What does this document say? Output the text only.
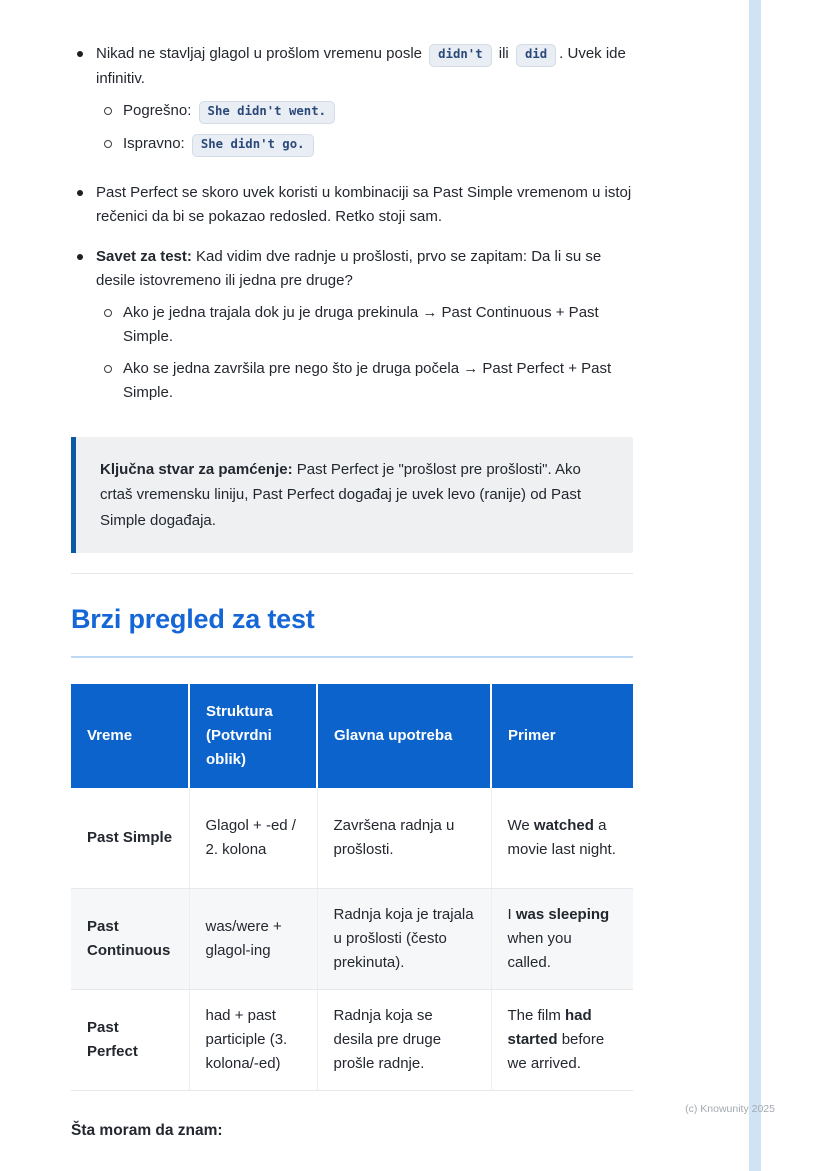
Nikad ne stavljaj glagol u prošlom vremenu posle didn't ili did . Uvek ide infinitiv.

Pogrešno: She didn't went.

Ispravno: She didn't go.

Past Perfect se skoro uvek koristi u kombinaciji sa Past Simple vremenom u istoj rečenici da bi se pokazao redosled. Retko stoji sam.

Savet za test: Kad vidim dve radnje u prošlosti, prvo se zapitam: Da li su se desile istovremeno ili jedna pre druge?

Ako je jedna trajala dok ju je druga prekinula → Past Continuous + Past Simple.

Ako se jedna završila pre nego što je druga počela → Past Perfect + Past Simple.

Ključna stvar za pamćenje: Past Perfect je "prošlost pre prošlosti". Ako crtaš vremensku liniju, Past Perfect događaj je uvek levo (ranije) od Past Simple događaja.

Brzi pregled za test
Vreme	Struktura (Potvrdni oblik)	Glavna upotreba	Primer
Past Simple	Glagol + -ed / 2. kolona	Završena radnja u prošlosti.	We watched a movie last night.
Past Continuous	was/were + glagol-ing	Radnja koja je trajala u prošlosti (često prekinuta).	I was sleeping when you called.
Past Perfect	had + past participle (3. kolona/-ed)	Radnja koja se desila pre druge prošle radnje.	The film had started before we arrived.

Šta moram da znam:

(c) Knowunity 2025
